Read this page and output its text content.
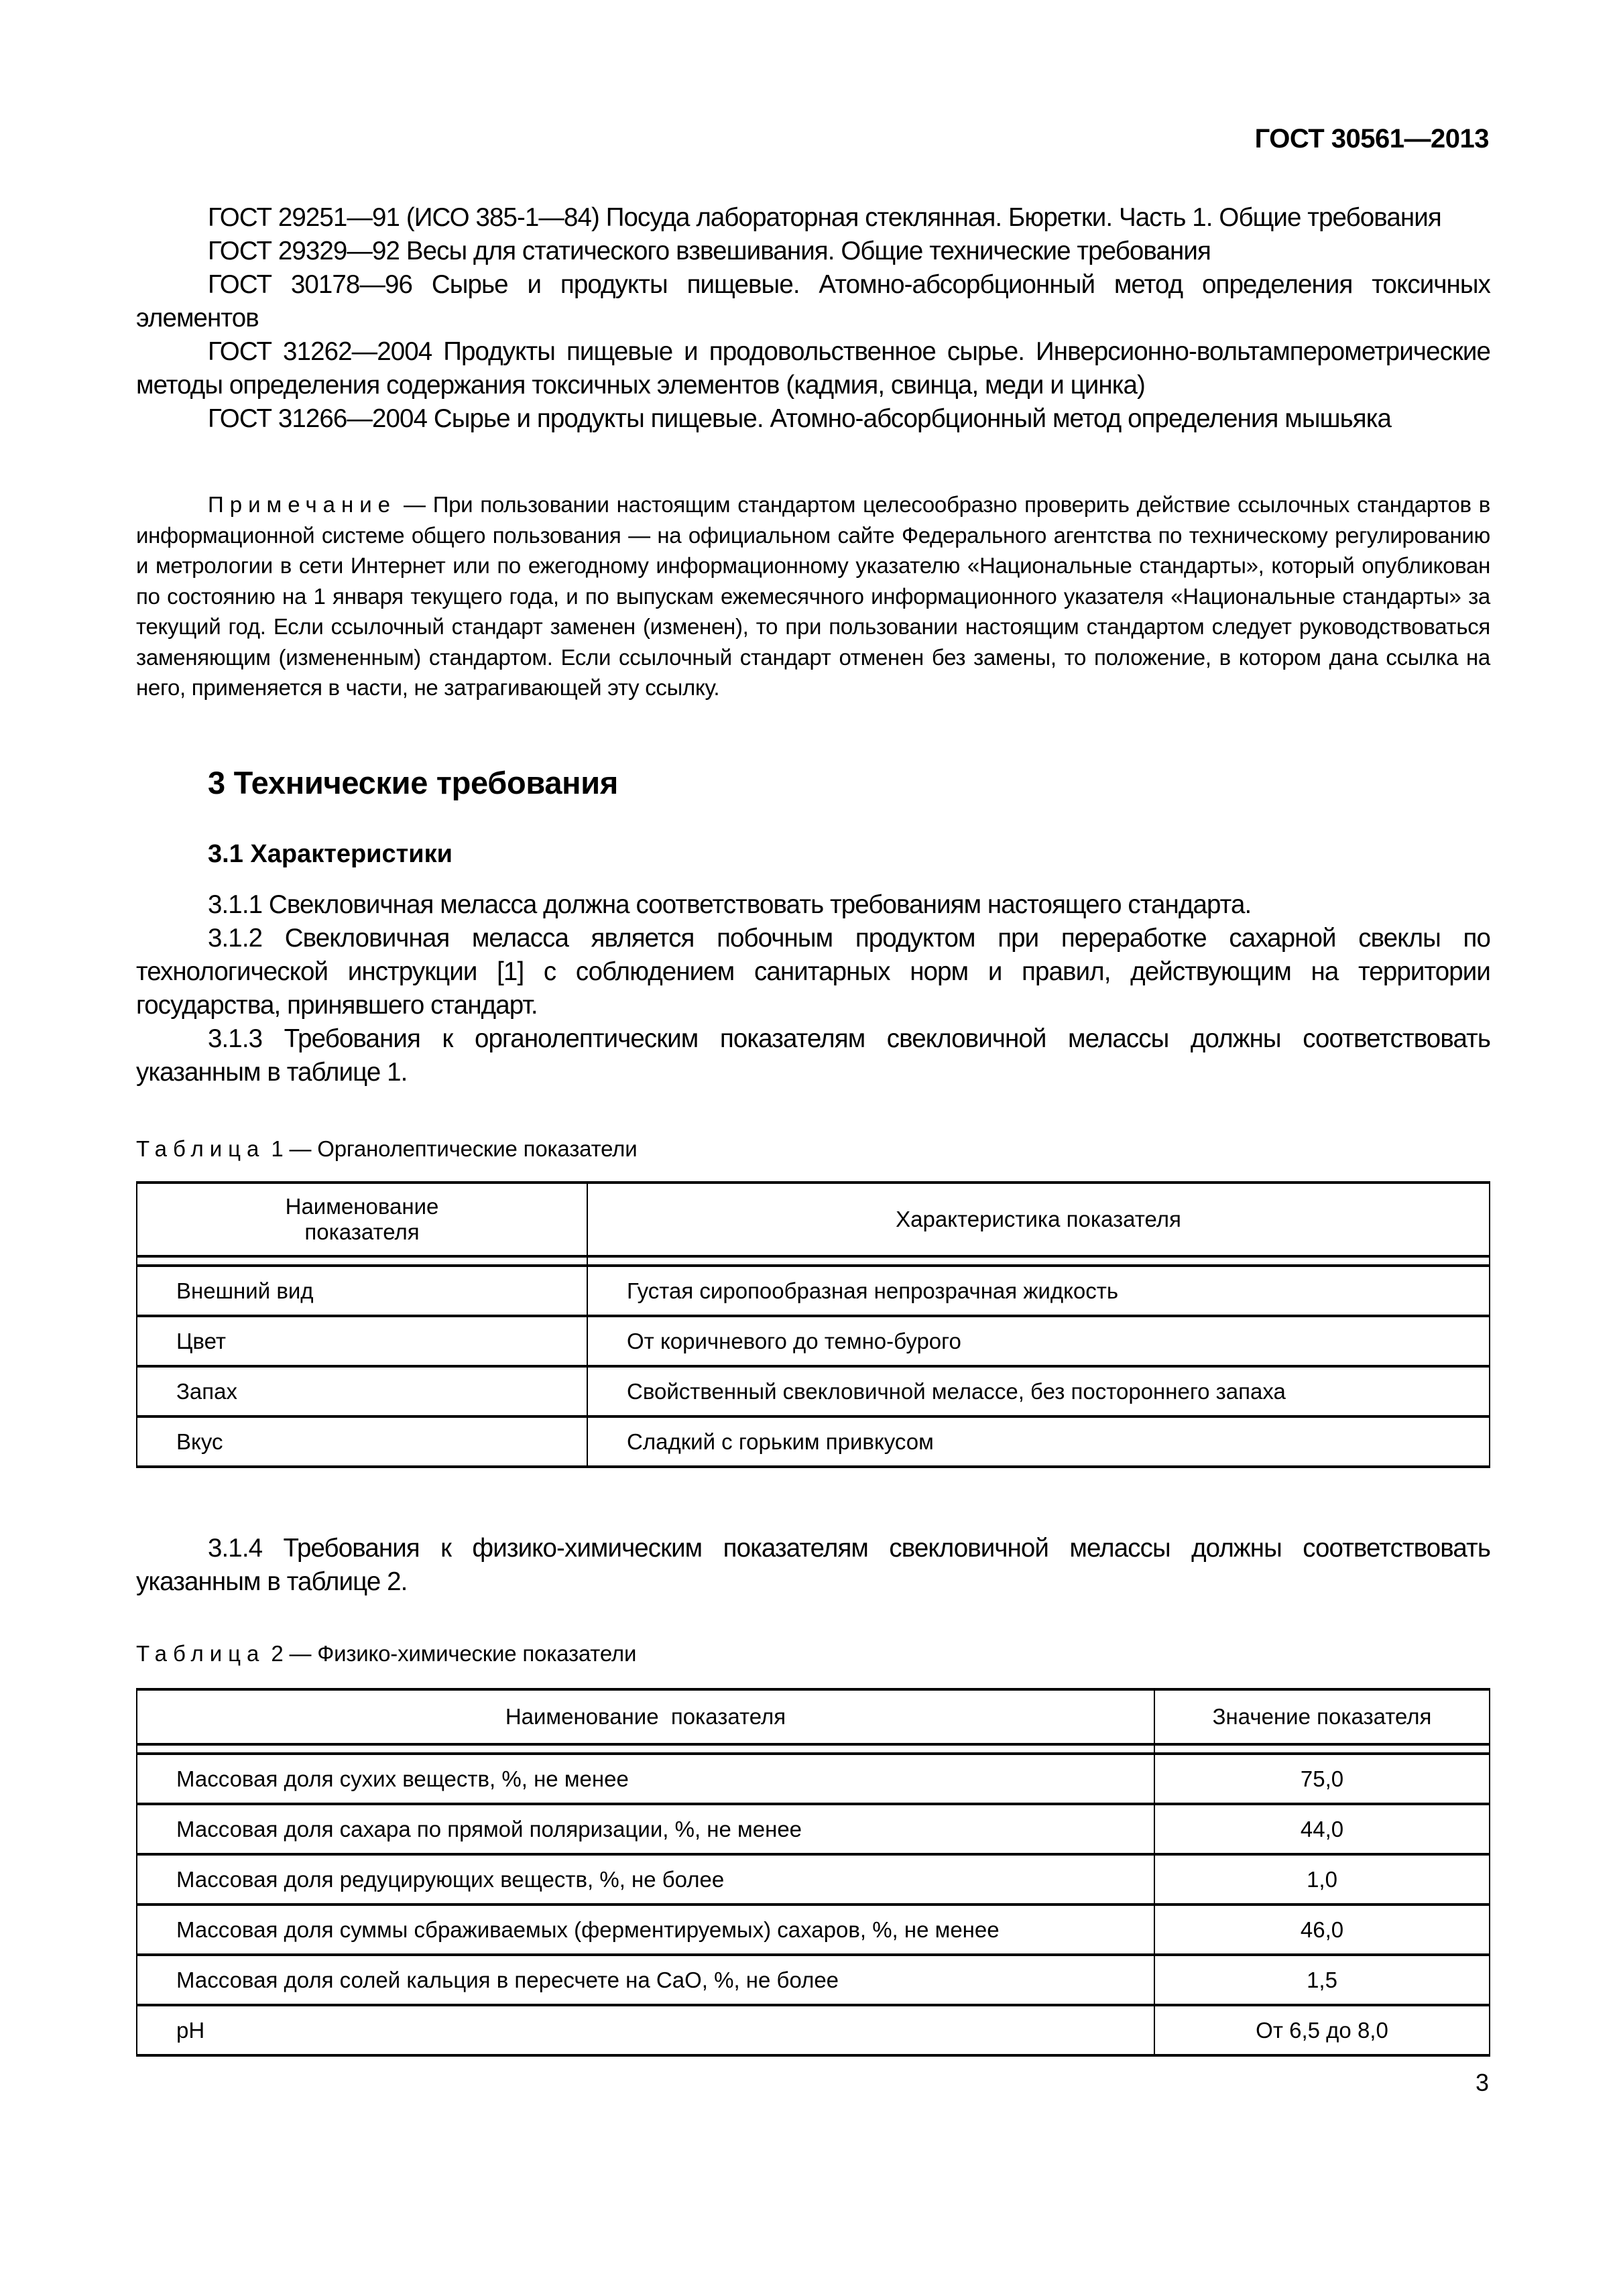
ГОСТ 30561—2013

ГОСТ 29251—91 (ИСО 385-1—84) Посуда лабораторная стеклянная. Бюретки. Часть 1. Общие требования

ГОСТ 29329—92 Весы для статического взвешивания. Общие технические требования

ГОСТ 30178—96 Сырье и продукты пищевые. Атомно-абсорбционный метод определения токсичных элементов

ГОСТ 31262—2004 Продукты пищевые и продовольственное сырье. Инверсионно-вольтамперометрические методы определения содержания токсичных элементов (кадмия, свинца, меди и цинка)

ГОСТ 31266—2004 Сырье и продукты пищевые. Атомно-абсорбционный метод определения мышьяка

Примечание — При пользовании настоящим стандартом целесообразно проверить действие ссылочных стандартов в информационной системе общего пользования — на официальном сайте Федерального агентства по техническому регулированию и метрологии в сети Интернет или по ежегодному информационному указателю «Национальные стандарты», который опубликован по состоянию на 1 января текущего года, и по выпускам ежемесячного информационного указателя «Национальные стандарты» за текущий год. Если ссылочный стандарт заменен (изменен), то при пользовании настоящим стандартом следует руководствоваться заменяющим (измененным) стандартом. Если ссылочный стандарт отменен без замены, то положение, в котором дана ссылка на него, применяется в части, не затрагивающей эту ссылку.

3 Технические требования
3.1 Характеристики

3.1.1 Свекловичная меласса должна соответствовать требованиям настоящего стандарта.

3.1.2 Свекловичная меласса является побочным продуктом при переработке сахарной свеклы по технологической инструкции [1] с соблюдением санитарных норм и правил, действующим на территории государства, принявшего стандарт.

3.1.3 Требования к органолептическим показателям свекловичной мелассы должны соответствовать указанным в таблице 1.

Таблица 1 — Органолептические показатели

Наименование показателя	Характеристика показателя

Внешний вид	Густая сиропообразная непрозрачная жидкость
Цвет	От коричневого до темно-бурого
Запах	Свойственный свекловичной мелассе, без постороннего запаха
Вкус	Сладкий с горьким привкусом

3.1.4 Требования к физико-химическим показателям свекловичной мелассы должны соответствовать указанным в таблице 2.

Таблица 2 — Физико-химические показатели

Наименование  показателя	Значение показателя

Массовая доля сухих веществ, %, не менее	75,0
Массовая доля сахара по прямой поляризации, %, не менее	44,0
Массовая доля редуцирующих веществ, %, не более	1,0
Массовая доля суммы сбраживаемых (ферментируемых) сахаров, %, не менее	46,0
Массовая доля солей кальция в пересчете на CaO, %, не более	1,5
pH	От 6,5 до 8,0
3
